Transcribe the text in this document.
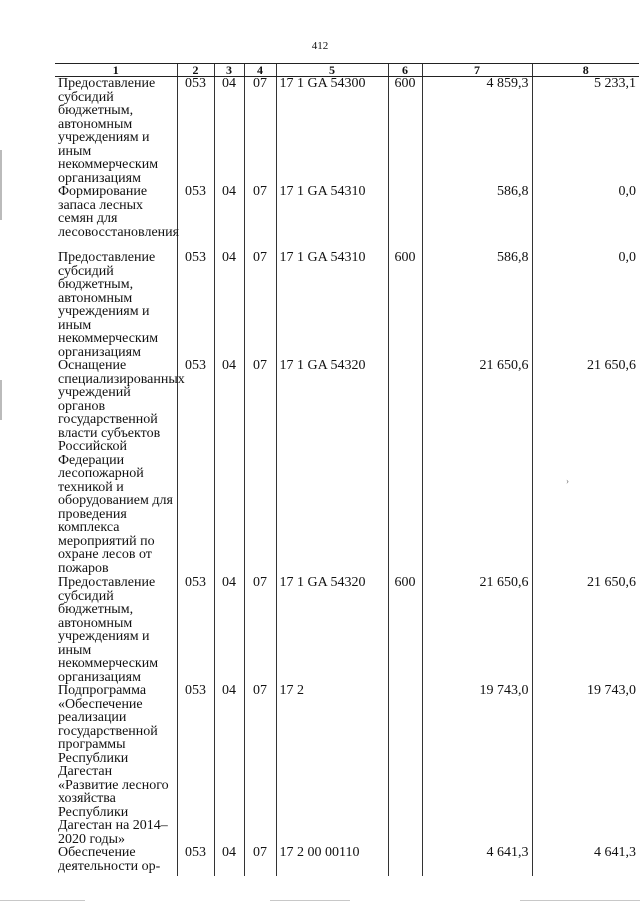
412
›
1	2	3	4	5	6	7	8
Предоставление субсидий бюджетным, автономным учреждениям и иным некоммерческим организациям	053	04	07	17 1 GA 54300	600	4 859,3	5 233,1
Формирование запаса лесных семян для лесовосстановления	053	04	07	17 1 GA 54310		586,8	0,0
Предоставление субсидий бюджетным, автономным учреждениям и иным некоммерческим организациям	053	04	07	17 1 GA 54310	600	586,8	0,0
Оснащение специализированных учреждений органов государственной власти субъектов Российской Федерации лесопожарной техникой и оборудованием для проведения комплекса мероприятий по охране лесов от пожаров	053	04	07	17 1 GA 54320		21 650,6	21 650,6
Предоставление субсидий бюджетным, автономным учреждениям и иным некоммерческим организациям	053	04	07	17 1 GA 54320	600	21 650,6	21 650,6
Подпрограмма «Обеспечение реализации государственной программы Республики Дагестан «Развитие лесного хозяйства Республики Дагестан на 2014–2020 годы»	053	04	07	17 2		19 743,0	19 743,0
Обеспечение деятельности ор-	053	04	07	17 2 00 00110		4 641,3	4 641,3
